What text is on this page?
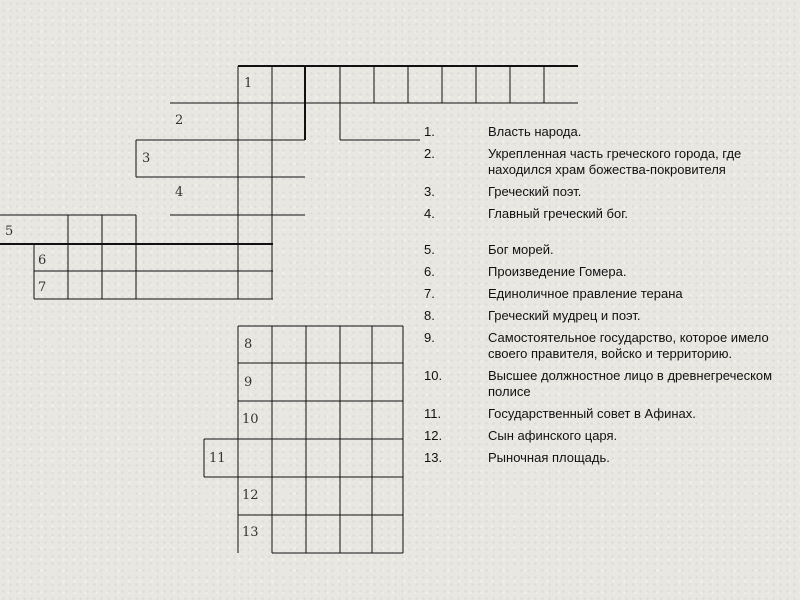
1
2
3
4
5
6
7
8
9
10
11
12
13
1.	Власть народа.
2.	Укрепленная часть греческого города, где находился храм божества-покровителя
3.	Греческий поэт.
4.	Главный греческий бог.
5.	Бог морей.
6.	Произведение Гомера.
7.	Единоличное правление терана
8.	Греческий мудрец и поэт.
9.	Самостоятельное государство, которое имело своего правителя, войско и территорию.
10.	Высшее должностное лицо в древнегреческом полисе
11.	Государственный совет в Афинах.
12.	Сын афинского царя.
13.	Рыночная площадь.
